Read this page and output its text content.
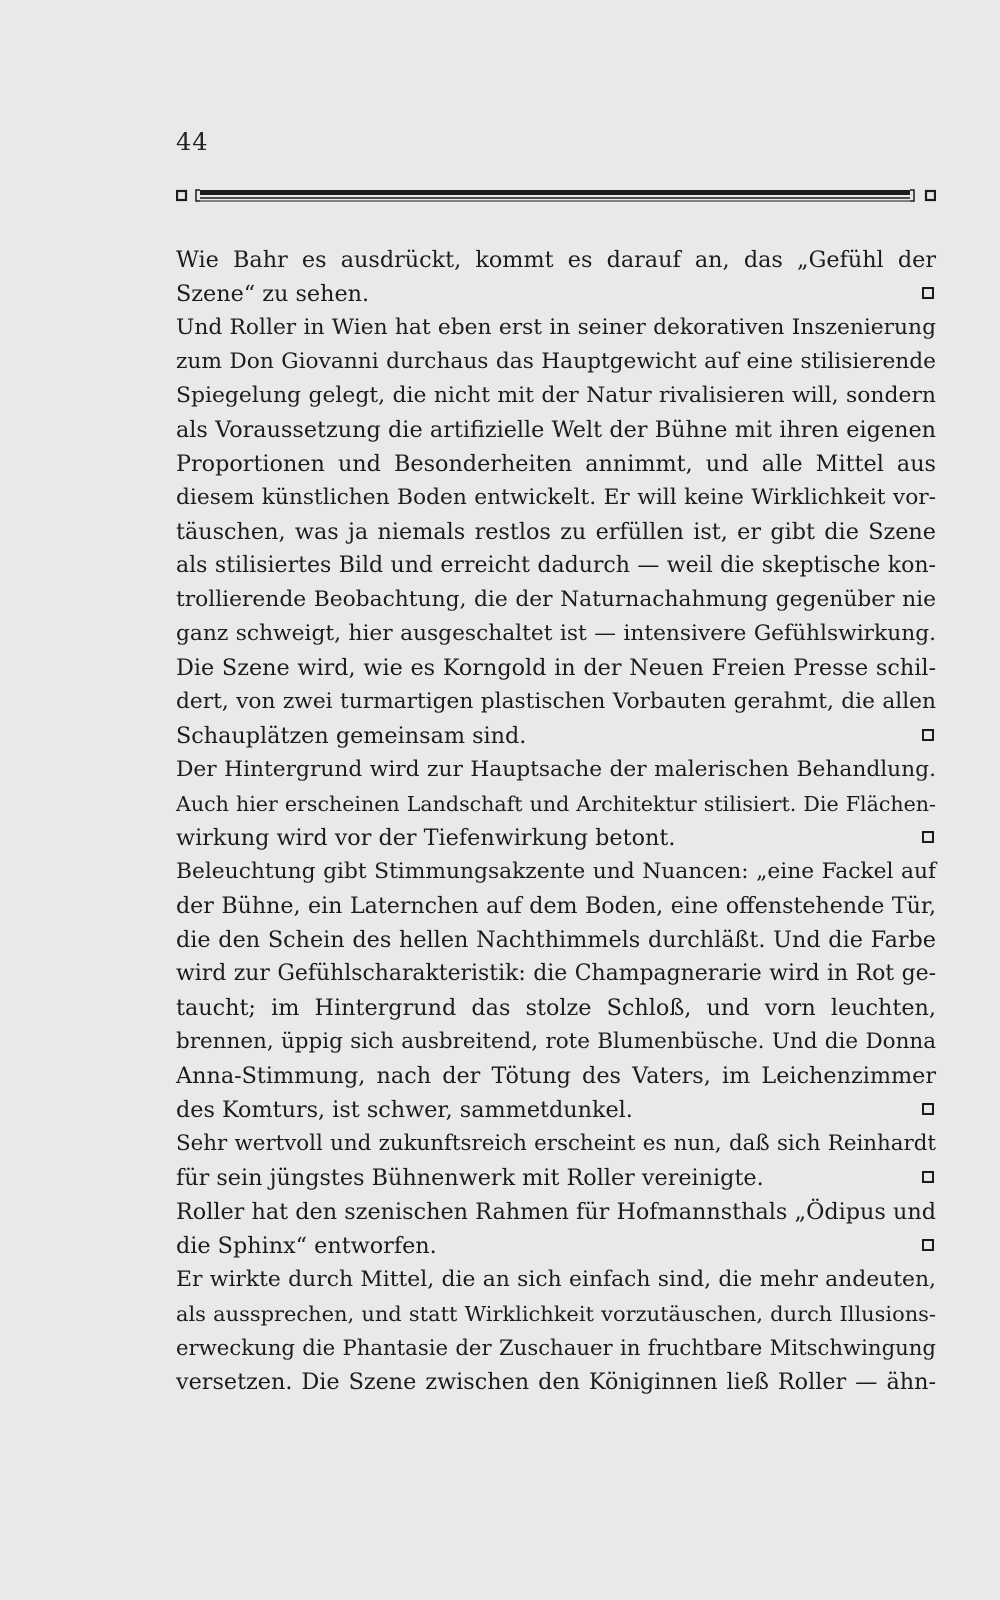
44
Wie Bahr es ausdrückt, kommt es darauf an, das „Gefühl der
Szene“ zu sehen.
Und Roller in Wien hat eben erst in seiner dekorativen Inszenierung
zum Don Giovanni durchaus das Hauptgewicht auf eine stilisierende
Spiegelung gelegt, die nicht mit der Natur rivalisieren will, sondern
als Voraussetzung die artifizielle Welt der Bühne mit ihren eigenen
Proportionen und Besonderheiten annimmt, und alle Mittel aus
diesem künstlichen Boden entwickelt. Er will keine Wirklichkeit vor-
täuschen, was ja niemals restlos zu erfüllen ist, er gibt die Szene
als stilisiertes Bild und erreicht dadurch — weil die skeptische kon-
trollierende Beobachtung, die der Naturnachahmung gegenüber nie
ganz schweigt, hier ausgeschaltet ist — intensivere Gefühlswirkung.
Die Szene wird, wie es Korngold in der Neuen Freien Presse schil-
dert, von zwei turmartigen plastischen Vorbauten gerahmt, die allen
Schauplätzen gemeinsam sind.
Der Hintergrund wird zur Hauptsache der malerischen Behandlung.
Auch hier erscheinen Landschaft und Architektur stilisiert. Die Flächen-
wirkung wird vor der Tiefenwirkung betont.
Beleuchtung gibt Stimmungsakzente und Nuancen: „eine Fackel auf
der Bühne, ein Laternchen auf dem Boden, eine offenstehende Tür,
die den Schein des hellen Nachthimmels durchläßt. Und die Farbe
wird zur Gefühlscharakteristik: die Champagnerarie wird in Rot ge-
taucht; im Hintergrund das stolze Schloß, und vorn leuchten,
brennen, üppig sich ausbreitend, rote Blumenbüsche. Und die Donna
Anna-Stimmung, nach der Tötung des Vaters, im Leichenzimmer
des Komturs, ist schwer, sammetdunkel.
Sehr wertvoll und zukunftsreich erscheint es nun, daß sich Reinhardt
für sein jüngstes Bühnenwerk mit Roller vereinigte.
Roller hat den szenischen Rahmen für Hofmannsthals „Ödipus und
die Sphinx“ entworfen.
Er wirkte durch Mittel, die an sich einfach sind, die mehr andeuten,
als aussprechen, und statt Wirklichkeit vorzutäuschen, durch Illusions-
erweckung die Phantasie der Zuschauer in fruchtbare Mitschwingung
versetzen. Die Szene zwischen den Königinnen ließ Roller — ähn-
